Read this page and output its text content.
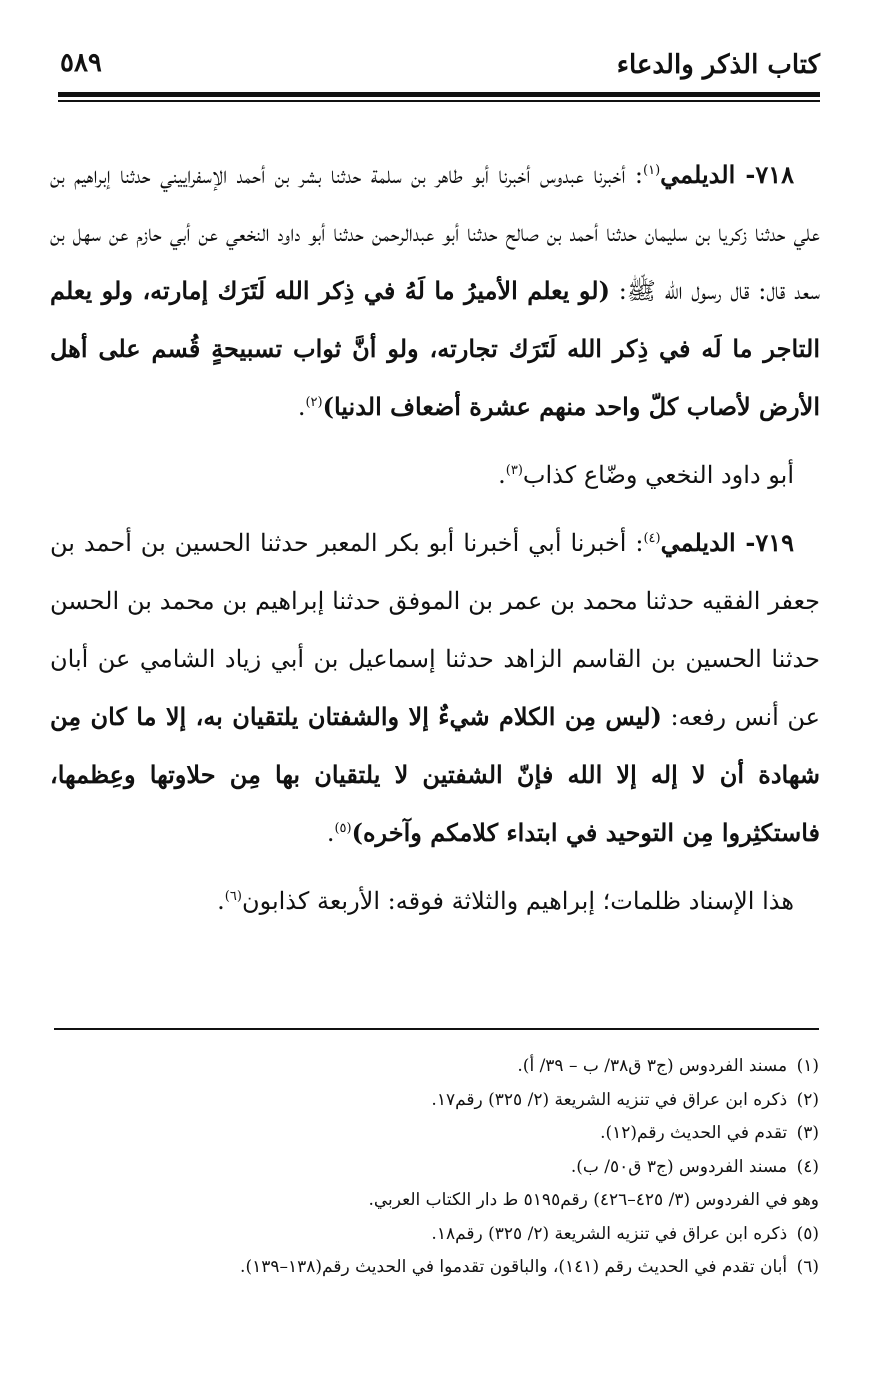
كتاب الذكر والدعاء
٥٨٩

٧١٨- الديلمي$^{(١)}$: أخبرنا عبدوس أخبرنا أبو طاهر بن سلمة حدثنا بشر بن أحمد الإسفراييني حدثنا إبراهيم بن علي حدثنا زكريا بن سليمان حدثنا أحمد بن صالح حدثنا أبو عبدالرحمن حدثنا أبو داود النخعي عن أبي حازم عن سهل بن سعد قال: قال رسول الله ﷺ: (لو يعلم الأميرُ ما لَهُ في ذِكر الله لَتَرَك إمارته، ولو يعلم التاجر ما لَه في ذِكر الله لَتَرَك تجارته، ولو أنَّ ثواب تسبيحةٍ قُسم على أهل الأرض لأصاب كلّ واحد منهم عشرة أضعاف الدنيا)$^{(٢)}$.

أبو داود النخعي وضّاع كذاب$^{(٣)}$.

٧١٩- الديلمي$^{(٤)}$: أخبرنا أبي أخبرنا أبو بكر المعبر حدثنا الحسين بن أحمد بن جعفر الفقيه حدثنا محمد بن عمر بن الموفق حدثنا إبراهيم بن محمد بن الحسن حدثنا الحسين بن القاسم الزاهد حدثنا إسماعيل بن أبي زياد الشامي عن أبان عن أنس رفعه: (ليس مِن الكلام شيءٌ إلا والشفتان يلتقيان به، إلا ما كان مِن شهادة أن لا إله إلا الله فإنّ الشفتين لا يلتقيان بها مِن حلاوتها وعِظمها، فاستكثِروا مِن التوحيد في ابتداء كلامكم وآخره)$^{(٥)}$.

هذا الإسناد ظلمات؛ إبراهيم والثلاثة فوقه: الأربعة كذابون$^{(٦)}$.

(١) مسند الفردوس (ج٣ ق٣٨/ ب – ٣٩/ أ).
(٢) ذكره ابن عراق في تنزيه الشريعة (٢/ ٣٢٥) رقم١٧.
(٣) تقدم في الحديث رقم(١٢).
(٤) مسند الفردوس (ج٣ ق٥٠/ ب).
وهو في الفردوس (٣/ ٤٢٥–٤٢٦) رقم٥١٩٥ ط دار الكتاب العربي.
(٥) ذكره ابن عراق في تنزيه الشريعة (٢/ ٣٢٥) رقم١٨.
(٦) أبان تقدم في الحديث رقم (١٤١)، والباقون تقدموا في الحديث رقم(١٣٨–١٣٩).
